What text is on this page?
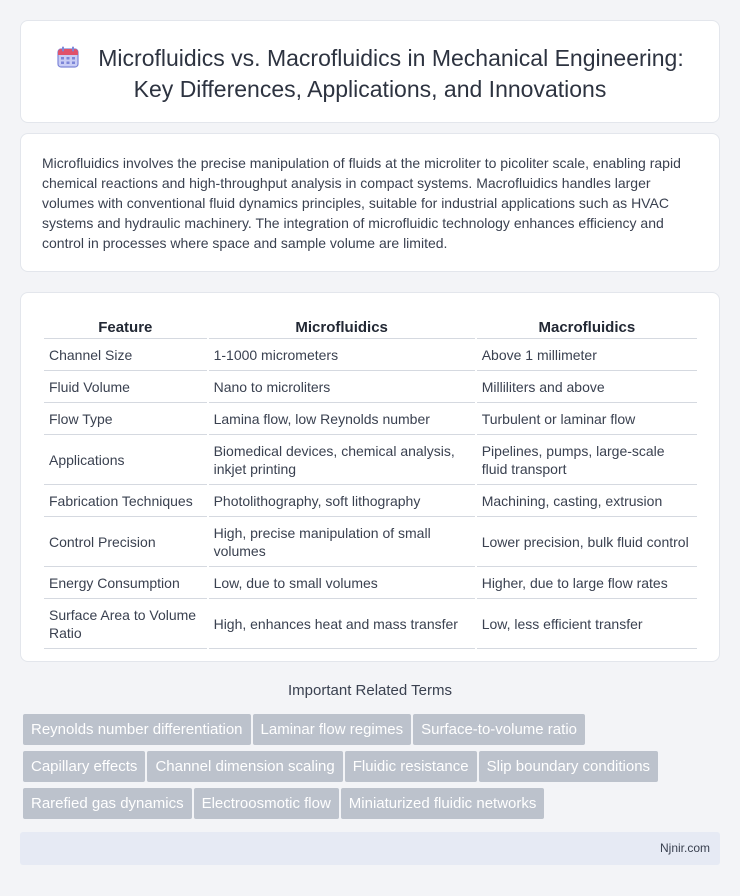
Microfluidics vs. Macrofluidics in Mechanical Engineering: Key Differences, Applications, and Innovations

Microfluidics involves the precise manipulation of fluids at the microliter to picoliter scale, enabling rapid chemical reactions and high-throughput analysis in compact systems. Macrofluidics handles larger volumes with conventional fluid dynamics principles, suitable for industrial applications such as HVAC systems and hydraulic machinery. The integration of microfluidic technology enhances efficiency and control in processes where space and sample volume are limited.

Feature	Microfluidics	Macrofluidics
Channel Size	1-1000 micrometers	Above 1 millimeter
Fluid Volume	Nano to microliters	Milliliters and above
Flow Type	Lamina flow, low Reynolds number	Turbulent or laminar flow
Applications	Biomedical devices, chemical analysis, inkjet printing	Pipelines, pumps, large-scale fluid transport
Fabrication Techniques	Photolithography, soft lithography	Machining, casting, extrusion
Control Precision	High, precise manipulation of small volumes	Lower precision, bulk fluid control
Energy Consumption	Low, due to small volumes	Higher, due to large flow rates
Surface Area to Volume Ratio	High, enhances heat and mass transfer	Low, less efficient transfer
Important Related Terms
Reynolds number differentiation Laminar flow regimes Surface-to-volume ratio
Capillary effects Channel dimension scaling Fluidic resistance Slip boundary conditions
Rarefied gas dynamics Electroosmotic flow Miniaturized fluidic networks
Njnir.com
